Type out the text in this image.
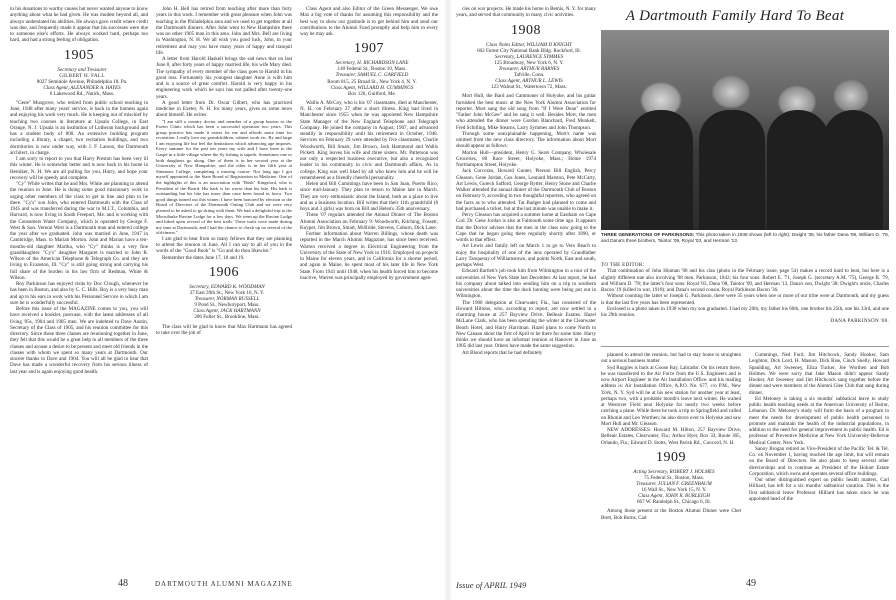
in his donations to worthy causes but never wanted anyone to know anything about what he had given. He was modest beyond all, and always understated his abilities. He always gave credit where credit was due, and frequently made it appear that his successes were due to someone else's efforts. He always worked hard, perhaps too hard, and had a strong feeling of obligation.

1905

Secretary and Treasurer

GILBERT H. FALL

8027 Seminole Avenue, Philadelphia 18, Pa.

Class Agent, ALEXANDER A. HAYES

6 Lakewood Rd., Natick, Mass.

"Gene" Musgrove, who retired from public school teaching in June, 1948 after many years' service, is back in the harness again and enjoying his work very much. He is keeping out of mischief by teaching two courses in literature at Upsala College, in East Orange, N. J. Upsala is an institution of Lutheran background and has a student body of 800. An extensive building program including a library, a chapel, two recitation buildings, and two dormitories is now under way, with J. F. Larson, the Dartmouth architect, in charge.

I am sorry to report to you that Harry Preston has been very ill this winter. He is somewhat better and is now back in his home in Hemiker, N. H. We are all pulling for you, Harry, and hope your recovery will be speedy and complete.

"Cy" White writes that he and Mrs. White are planning to attend the reunion in June. He is doing some good missionary work in urging other members of the class to get in line and plan to be there. "Cy's" son John, who entered Dartmouth with the Class of 1945 and was transferred during the war to M.I.T., Columbia, and Harvard, is now living in South Freeport, Me. and is working with the Consumers Water Company, which is operated by George F. West & Son. Vernon West is a Dartmouth man and entered college the year after we graduated. John was married in June, 1947 in Cambridge, Mass. to Marian Morton. John and Marian have a ten-months-old daughter Martha, who "Cy" thinks is a very fine granddaughter. "Cy's" daughter Margaret is married to John R. Wilson of the American Telephone & Telegraph Co. and they are living in Evanston, Ill. "Cy" is still going strong and carrying his full share of the burden in his law firm of Redman, White & Wilson.

Roy Parkinson has enjoyed visits by Doc Clough, whenever he has been in Boston, and also by C. C. Hills. Roy is a very busy man and up to his ears in work with his Personnel Service in which I am sure he is wonderfully successful.

Before this issue of the MAGAZINE comes to you, you will have received a booklet, postcase, with the latest addresses of all living '05s, 1904 and 1905 men. We are indebted to Dave Austin, Secretary of the Class of 1905, and his reunion committee for this directory. Since these three classes are reunioning together in June, they felt that this would be a great help to all members of the three classes and arouse a desire to be present and meet old friends in the classes with whom we spent so many years at Dartmouth. Our sincere thanks to Dave and 1904. You will all be glad to hear that Dave has made a wonderful recovery from his serious illness of last year and is again enjoying good health.

John H. Bell has retired from teaching after more than forty years in this work. I remember with great pleasure when John was teaching in the Philadelphia area and we used to get together at all the Dartmouth dinners. After John went to New Hampshire there was no other 1905 man in this area. John and Mrs. Bell are living in Washington, N. H. We all wish you good luck, John, in your retirement and may you have many years of happy and tranquil life.

A letter from Harold Haskell brings the sad news that on last June 8, after forty years of happy married life, his wife Mary died. The sympathy of every member of the class goes to Harold in his great loss. Fortunately his youngest daughter Anne is with him and is a source of great comfort. Harold is very happy in his engineering work which he says has not palled after twenty-one years.

A good letter from Dr. Oscar Gilbert, who has practiced medicine in Exeter, N. H. for many years, gives us some news about himself. He writes:

"I am still a country doctor and member of a group known as the Exeter Clinic which has been a successful operation two years. This group practice has made it easier for me and affords more time for recreation. I really love my grandchildren, cabinet work etc. By and large I am enjoying life but feel the limitations which advancing age imposes. Every summer for the past ten years my wife and I have been to the Gaspé in a little village where the fly fishing is superb. Sometimes one or both daughters go along. One of them is in her second year at the University of New Hampshire, and the other is in her fifth year at Simmons College, completing a nursing course. Not long ago I got myself appointed to the State Board of Registration in Medicine. One of the highlights of this is an association with "Bush" Kingsford, who is President of the Board. His bark is far worse than his bite. His bark is outstanding but his bite has more than once been found in favor. Two good things turned out this winter. I have been honored by election to the Board of Directors of the Dartmouth Outing Club and we were very pleased to be asked to go skiing with them. We had a delightful trip to the Moosilauke Ravine Lodge for a few days. We went up the Ravine Lodge and hiked upon several of the best trails. These trails were made during my time at Dartmouth, and I had the chance to check up on several of the old-timers."

I am glad to hear from so many fellows that they are planning to attend the reunion in June. All I can say to all of you in the words of the "Good Book" is "Go and do thou likewise."

Remember the dates June 17, 18 and 19.

1906

Secretary, EDWARD K. WOODMAN

37 East 39th St., New York 16, N. Y.

Treasurer, NORMAN RUSSELL

9 Pond St., Newburyport, Mass.

Class Agent, JACK HARTMANN

206 Fuller St., Brookline, Mass.

The class will be glad to know that Max Hartmann has agreed to take over the job of

Class Agent and also Editor of the Green Messenger. We owe Max a big vote of thanks for assuming this responsibility and the best way to show our gratitude is to get behind him and send our contributions to the Alumni Fund promptly and help him in every way he may ask.

1907

Secretary, H. RICHARDSON LANE

140 Federal St., Boston 10, Mass.

Treasurer, SAMUEL C. GARFIELD

Room 815, 25 Broad St., New York 4, N. Y.

Class Agent, WILLARD H. CUMMINGS

Box 126, Guilford, Me.

Wallis A. McCoy, who is his '07 classmates, died at Manchester, N. H., on February 27 after a short illness. King had lived in Manchester since 1955 when he was appointed New Hampshire State Manager of the New England Telephone and Telegraph Company. He joined the company in August, 1907, and advanced steadily in responsibility until his retirement in October, 1948. Services on February 29 were attended by five classmates, Charlie Woodworth, Bill Smart, Jim Brown, Jack Hammond and Wallis Pickett. King leaves his wife and three sisters. Mr. Patterson was not only a respected business executive, but also a recognized leader in his community in civic and Dartmouth affairs. As in college, King was well liked by all who knew him and he will be remembered as a friendly cheerful personality.

Helen and Bill Cummings have been in San Juan, Puerto Rico, since mid-January. They plan to return to Maine late in March. They are very enthusiastic about the Island, both as a place to live and as a business location. Bill writes that their 11th grandchild (8 boys and 3 girls) was born on Bill and Helen's 35th anniversary.

These '07 regulars attended the Annual Dinner of The Boston Alumni Association on February 9: Woodworth, Kitching, Fossett, Kuyper, Jim Brown, Smart, McBride, Stevens, Coburn, Dick Lane.

Further information about Warren Billings, whose death was reported in the March Alumni Magazine, has since been received. Warren received a degree in Electrical Engineering from the University of the State of New York in 1916. Employed on projects in Maine for eleven years, and in California for a shorter period, and again in Maine, he spent most of his later life in New York State. From 1941 until 1948, when his health forced him to become inactive, Warren was principally employed by government agen-

48	DARTMOUTH ALUMNI MAGAZINE

cies on war projects. He made his home in Bemis, N. Y. for many years, and served that community in many civic activities.

1908

Class Notes Editor, WILLIAM D KNIGHT

602 Forest City National Bank Bldg. Rockford, Ill.

Secretary, LAURENCE SYMMES

125 Broadway, New York 6, N. Y.

Treasurer, ARTHUR BARNES

Tafville, Conn.

Class Agent, ARTHUR L. LEWIS

123 Walnut St., Watertown 72, Mass.

Mort Hull, the Bard and Cammoner of Holyoke, and his guitar furnished the best music at the New York Alumni Association for reporter. Mort sang the old song from "If I Were Dean" entitled "Father John McGee" and he sang it well. Besides Mort, the men who attended the dinner were Gordon Blanchard, Fred Munkelt, Fred Schilling, Mike Stearns, Larry Symmes and John Thompson.

Through some unexplainable happening, Mort's name was omitted from the new class directory. The information about Mort should appear as follows:

Morton Hull—president, Henry G. Sears Company, Wholesale Groceries, 80 Race Street, Holyoke, Mass.; Home 1974 Northampton Street, Holyoke.

Jack Corcoran, Howard Gunter, Pierson Bill English, Percy Gleason, Gene Jordan, Gus Jones, Leonard Marston, Pete McCarty, Art Lewis, Gurech Safford, George Rytter, Henry Stone and Charlie Walker attended the annual dinner of the Dartmouth Club of Boston on February 9, according to two thoughtful reporters, who agreed on the facts as to who attended. Tat Badger had planned to come and had purchased a ticket, but at the last minute was unable to make it.

Percy Gleason has acquired a summer home at Eastham on Cape Cod. Dr. Gene Jordan is also at Falmouth some time ago. It appears that the Doctor advises that the men in the class now going to the Cape that he began going there regularly shortly after 1890, or words to that effect.

Art Lewis and family left on March 1 to go to Vero Beach to enjoy the hospitality of one of the inns operated by Grandfather Larry Tanqueray of Williamstown, and points North, East and south, perhaps West.

Edward Bartlett's job took him from Wilmington to a tour of the universities of New York State last December. At last report, he had his company about talked into sending him on a trip to southern universities about the time the duck hunting were being put out in Wilmington.

The 1908 delegation at Clearwater, Fla., has consisted of the Howard Hiltons, who, according to report, are now settled in a charming house at 257 Bayview Drive, Belleair Estates. Hazel McLane Clark, who has been spending the winter at the Clearwater Beach Hotel, and Harry Harriman. Hazel plans to come North to New Canaan about the first of April to be there for some time. Harry thinks we should have an informal reunion at Hanover in June as 1905 did last year. Others have made the same suggestion.

Art Blood reports that he had definitely

49
Issue of APRIL 1949
A Dartmouth Family Hard To Beat
THREE GENERATIONS OF PARKINSONS: This photo taken in 1938 shows (left to right): Dwight '38, his father Dana '08, William D. '78, and Dana's three brothers, Taintor '09, Royal '03, and Herman '13.

TO THE EDITOR:

That combination of John Hinman '08 and his clan (photo in the February issue, page 54) makes a record hard to beat, but here is a slightly different one also involving '08 men. Parkinson, 1842; his four sons: Robert E. '71, Joseph G. (secretary A.M. '75), George B. '79, and William D. '78; the latter's four sons: Royal '03, Dana '08, Taintor '09, and Herman '13. Dana's son, Dwight '38; Dwight's uncle, Charles Bacon '19 (killed in war, 1918); and Dana's second cousin, Royal Parkinson Bacon '36.

Without counting the latter or Joseph G. Parkinson, there were 35 years when one or more of our tribe were at Dartmouth, and my guess is that the last five years has been represented.

Enclosed is a photo taken in 1938 when my son graduated. I had my 20th, my father his 60th, one brother his 25th, one his 33rd, and one his 29th reunion.

DANA PARKINSON '08.

planned to attend the reunion, but had to stay home to straighten out a serious business matter.

Syd Ruggles is back at Goose Bay, Labrador. On his return there, he was transferred to the Air Force from the U.S. Engineers and is now Airport Engineer in the Air Installation Office, and his mailing address is: Air Installation Office, A.P.O. No. 677, c/o P.M., New York, N. Y. Syd will be at his new station for another year at least, perhaps two, with a probable month's leave next winter. He waited at Westover Field near Holyoke for nearly two weeks before catching a plane. While there he took a trip to Springfield and called on Rhonie and Leo Worthen; he also drove over to Holyoke and saw Mort Hull and Mr. Gleason.

NEW ADDRESSES: Howard M. Hilton, 257 Bayview Drive, Belleair Estates, Clearwater, Fla.; Arthur Hyer, Box 33, Route 305, Orlando, Fla.; Edward D. Stotts, West Parish Rd., Concord, N. H.

1909

Acting Secretary, ROBERT J. HOLMES

75 Federal St., Boston, Mass.

Treasurer, JULIAN F. GREENBAUM

16 Wall St., New York 15, N. Y.

Class Agent, JOHN R. BURLEIGH

667 W. Randolph St., Chicago 6, Ill.

Among those present at the Boston Alumni Dinner were Chet Brett, Bob Burns, Cad

Cummings, Ned Ford, Jim Hitchcock, Sandy Hooker, Sam Leighton, Dick Lord, H. Masure, Dick Rise, Cinch Snelly, Howard Spaulding, Art Sweeney, Eliza Tucker, Joe Worthen and Bob Holmes. We were sorry that Jake Mason didn't appear. Sandy Hooker, Art Sweeney and Jim Hitchcock sang together before the dinner and were members of the Alumni Glee Club that sang during dinner.

Ed Meloney is taking a six months' sabbatical leave to study public health teaching needs at the American University of Beirut, Lebanon. Dr. Meloney's study will form the basis of a program to meet the needs for development of public health personnel to promote and maintain the health of the industrial populations, in addition to the need for general improvement in public health. Ed is professor of Preventive Medicine at New York University-Bellevue Medical Center, New York.

Sanoy Brogan retired as Vice-President of the Pacific Tel. & Tel. Co. on November 1, having reached the age limit, but will remain on the Board of Directors. He also plans to keep several other directorships and to continue as President of the Hobart Estate Corporation, which owns and operates several office buildings.

Our other distinguished expert on public health matters, Carl Hilliard, has left for a six months' sabbatical vacation. This is the first sabbatical leave Professor Hilliard has taken since he was appointed head of the
